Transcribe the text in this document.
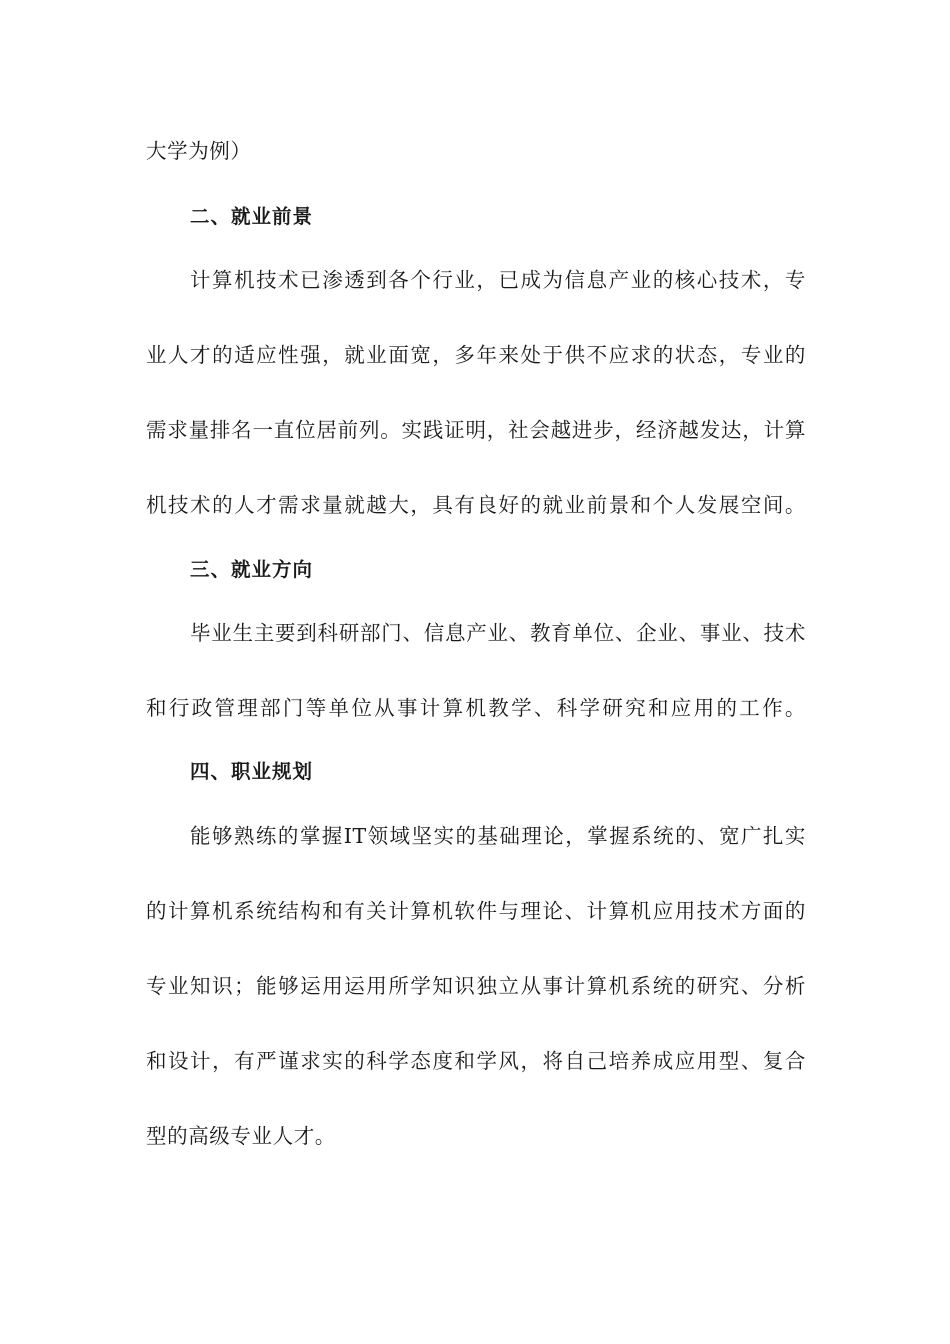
大学为例）
二、就业前景
计算机技术已渗透到各个行业，已成为信息产业的核心技术，专
业人才的适应性强，就业面宽，多年来处于供不应求的状态，专业的
需求量排名一直位居前列。实践证明，社会越进步，经济越发达，计算
机技术的人才需求量就越大，具有良好的就业前景和个人发展空间。
三、就业方向
毕业生主要到科研部门、信息产业、教育单位、企业、事业、技术
和行政管理部门等单位从事计算机教学、科学研究和应用的工作。
四、职业规划
能够熟练的掌握IT领域坚实的基础理论，掌握系统的、宽广扎实
的计算机系统结构和有关计算机软件与理论、计算机应用技术方面的
专业知识；能够运用运用所学知识独立从事计算机系统的研究、分析
和设计，有严谨求实的科学态度和学风，将自己培养成应用型、复合
型的高级专业人才。
